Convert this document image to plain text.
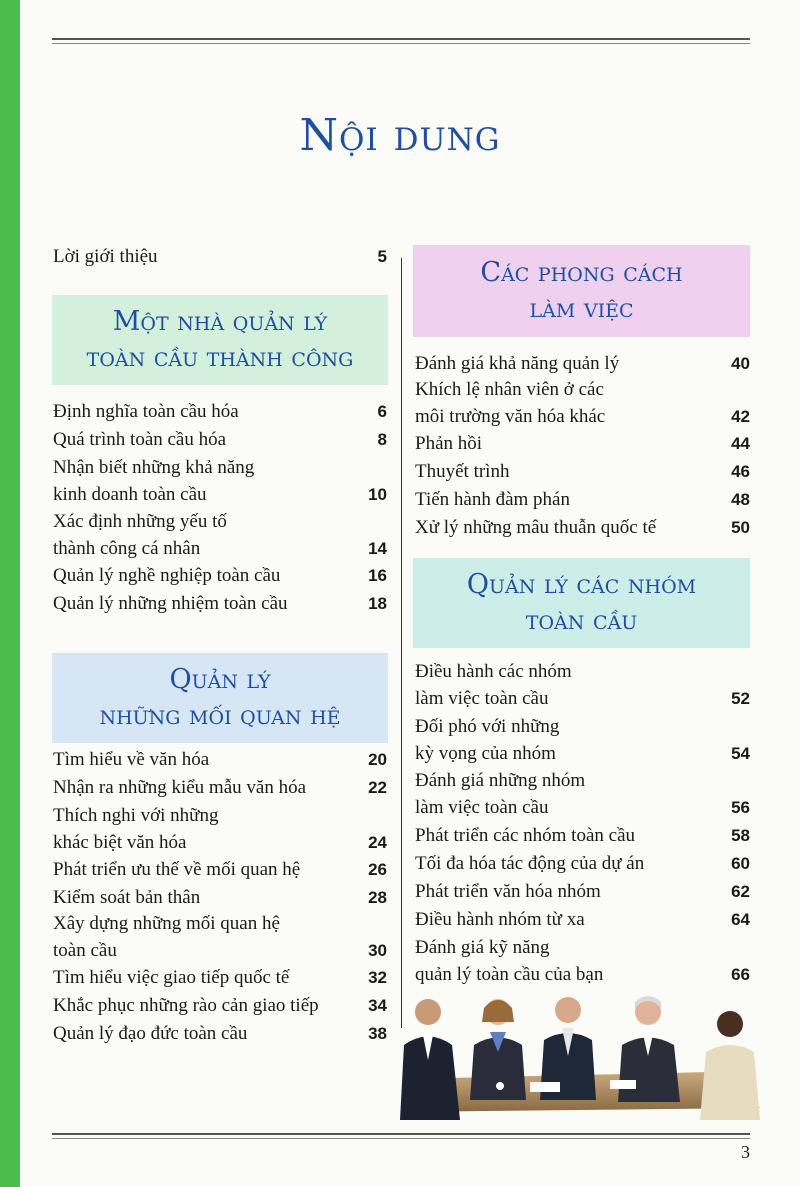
Nội dung
Lời giới thiệu	5
Một nhà quản lý
toàn cầu thành công
Quản lý
những mối quan hệ
Các phong cách
làm việc
Quản lý các nhóm
toàn cầu
Định nghĩa toàn cầu hóa	6
Quá trình toàn cầu hóa	8
Nhận biết những khả năng
kinh doanh toàn cầu	10
Xác định những yếu tố
thành công cá nhân	14
Quản lý nghề nghiệp toàn cầu	16
Quản lý những nhiệm toàn cầu	18
Tìm hiểu về văn hóa	20
Nhận ra những kiểu mẫu văn hóa	22
Thích nghi với những
khác biệt văn hóa	24
Phát triển ưu thế về mối quan hệ	26
Kiểm soát bản thân	28
Xây dựng những mối quan hệ
toàn cầu	30
Tìm hiểu việc giao tiếp quốc tế	32
Khắc phục những rào cản giao tiếp	34
Quản lý đạo đức toàn cầu	38
Đánh giá khả năng quản lý	40
Khích lệ nhân viên ở các
môi trường văn hóa khác	42
Phản hồi	44
Thuyết trình	46
Tiến hành đàm phán	48
Xử lý những mâu thuẫn quốc tế	50
Điều hành các nhóm
làm việc toàn cầu	52
Đối phó với những
kỳ vọng của nhóm	54
Đánh giá những nhóm
làm việc toàn cầu	56
Phát triển các nhóm toàn cầu	58
Tối đa hóa tác động của dự án	60
Phát triển văn hóa nhóm	62
Điều hành nhóm từ xa	64
Đánh giá kỹ năng
quản lý toàn cầu của bạn	66
3
